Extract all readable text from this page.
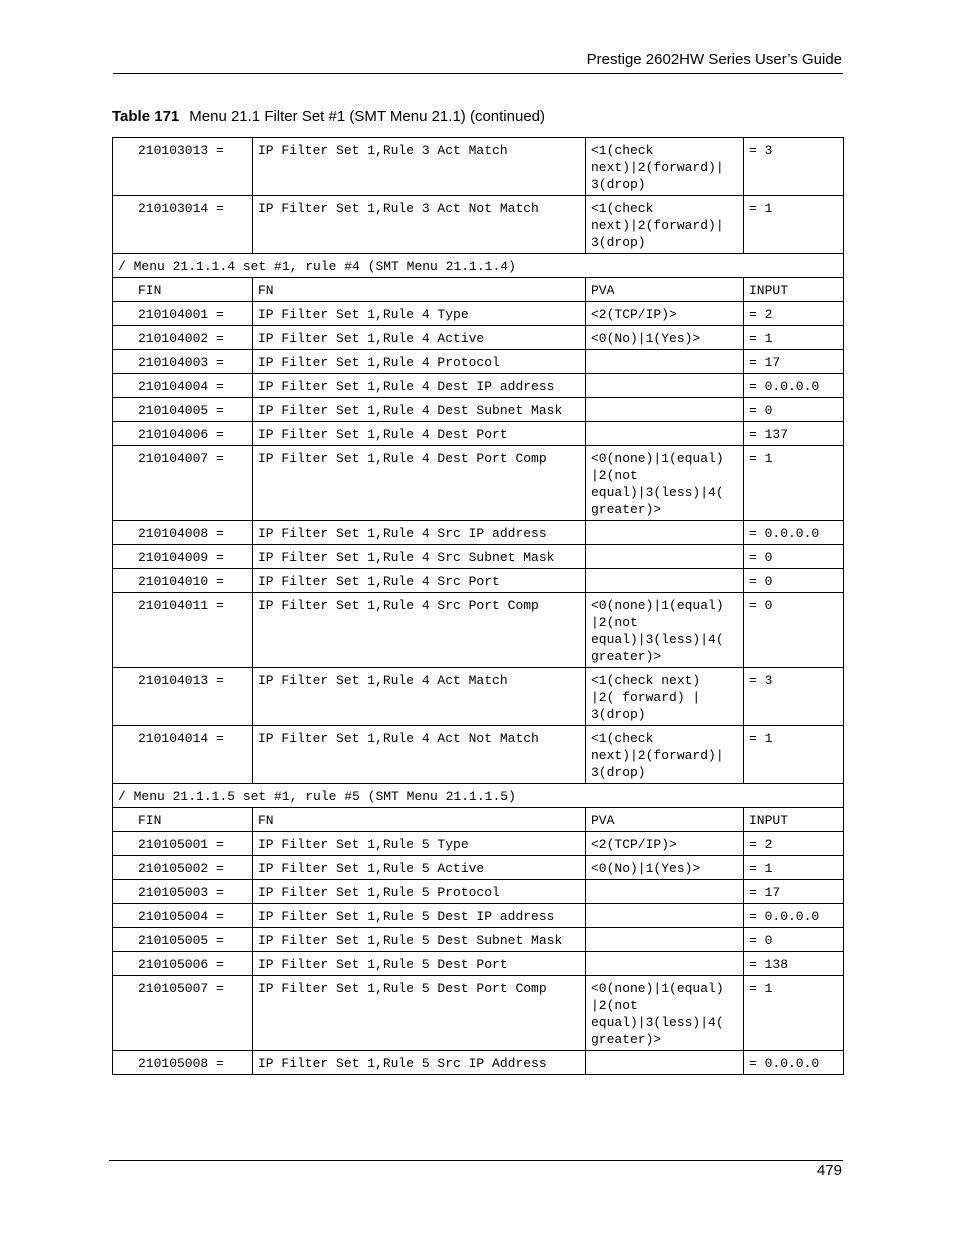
Prestige 2602HW Series User’s Guide
Table 171 Menu 21.1 Filter Set #1 (SMT Menu 21.1) (continued)
210103013 =	IP Filter Set 1,Rule 3 Act Match	<1(check
next)|2(forward)|
3(drop)	= 3
210103014 =	IP Filter Set 1,Rule 3 Act Not Match	<1(check
next)|2(forward)|
3(drop)	= 1
/ Menu 21.1.1.4 set #1, rule #4 (SMT Menu 21.1.1.4)			
FIN	FN	PVA	INPUT
210104001 =	IP Filter Set 1,Rule 4 Type	<2(TCP/IP)>	= 2
210104002 =	IP Filter Set 1,Rule 4 Active	<0(No)|1(Yes)>	= 1
210104003 =	IP Filter Set 1,Rule 4 Protocol		= 17
210104004 =	IP Filter Set 1,Rule 4 Dest IP address		= 0.0.0.0
210104005 =	IP Filter Set 1,Rule 4 Dest Subnet Mask		= 0
210104006 =	IP Filter Set 1,Rule 4 Dest Port		= 137
210104007 =	IP Filter Set 1,Rule 4 Dest Port Comp	<0(none)|1(equal)
|2(not
equal)|3(less)|4(
greater)>	= 1
210104008 =	IP Filter Set 1,Rule 4 Src IP address		= 0.0.0.0
210104009 =	IP Filter Set 1,Rule 4 Src Subnet Mask		= 0
210104010 =	IP Filter Set 1,Rule 4 Src Port		= 0
210104011 =	IP Filter Set 1,Rule 4 Src Port Comp	<0(none)|1(equal)
|2(not
equal)|3(less)|4(
greater)>	= 0
210104013 =	IP Filter Set 1,Rule 4 Act Match	<1(check next)
|2( forward) |
3(drop)	= 3
210104014 =	IP Filter Set 1,Rule 4 Act Not Match	<1(check
next)|2(forward)|
3(drop)	= 1
/ Menu 21.1.1.5 set #1, rule #5 (SMT Menu 21.1.1.5)			
FIN	FN	PVA	INPUT
210105001 =	IP Filter Set 1,Rule 5 Type	<2(TCP/IP)>	= 2
210105002 =	IP Filter Set 1,Rule 5 Active	<0(No)|1(Yes)>	= 1
210105003 =	IP Filter Set 1,Rule 5 Protocol		= 17
210105004 =	IP Filter Set 1,Rule 5 Dest IP address		= 0.0.0.0
210105005 =	IP Filter Set 1,Rule 5 Dest Subnet Mask		= 0
210105006 =	IP Filter Set 1,Rule 5 Dest Port		= 138
210105007 =	IP Filter Set 1,Rule 5 Dest Port Comp	<0(none)|1(equal)
|2(not
equal)|3(less)|4(
greater)>	= 1
210105008 =	IP Filter Set 1,Rule 5 Src IP Address		= 0.0.0.0
479
